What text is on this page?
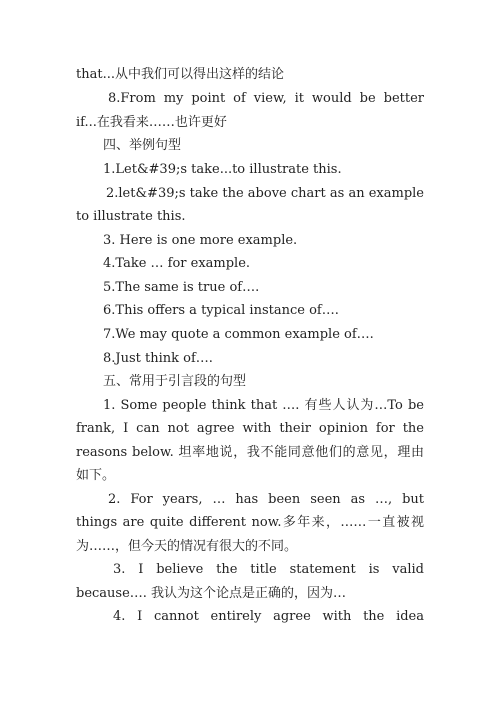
that...从中我们可以得出这样的结论
8.From my point of view, it would be better
if...在我看来……也许更好
四、举例句型
1.Let&#39;s take...to illustrate this.
2.let&#39;s take the above chart as an example
to illustrate this.
3. Here is one more example.
4.Take … for example.
5.The same is true of….
6.This offers a typical instance of….
7.We may quote a common example of….
8.Just think of….
五、常用于引言段的句型
1. Some people think that …. 有些人认为…To be
frank, I can not agree with their opinion for the
reasons below. 坦率地说，我不能同意他们的意见，理由
如下。
2. For years, … has been seen as …, but
things are quite different now.多年来，……一直被视
为……，但今天的情况有很大的不同。
3. I believe the title statement is valid
because…. 我认为这个论点是正确的，因为…
4. I cannot entirely agree with the idea
